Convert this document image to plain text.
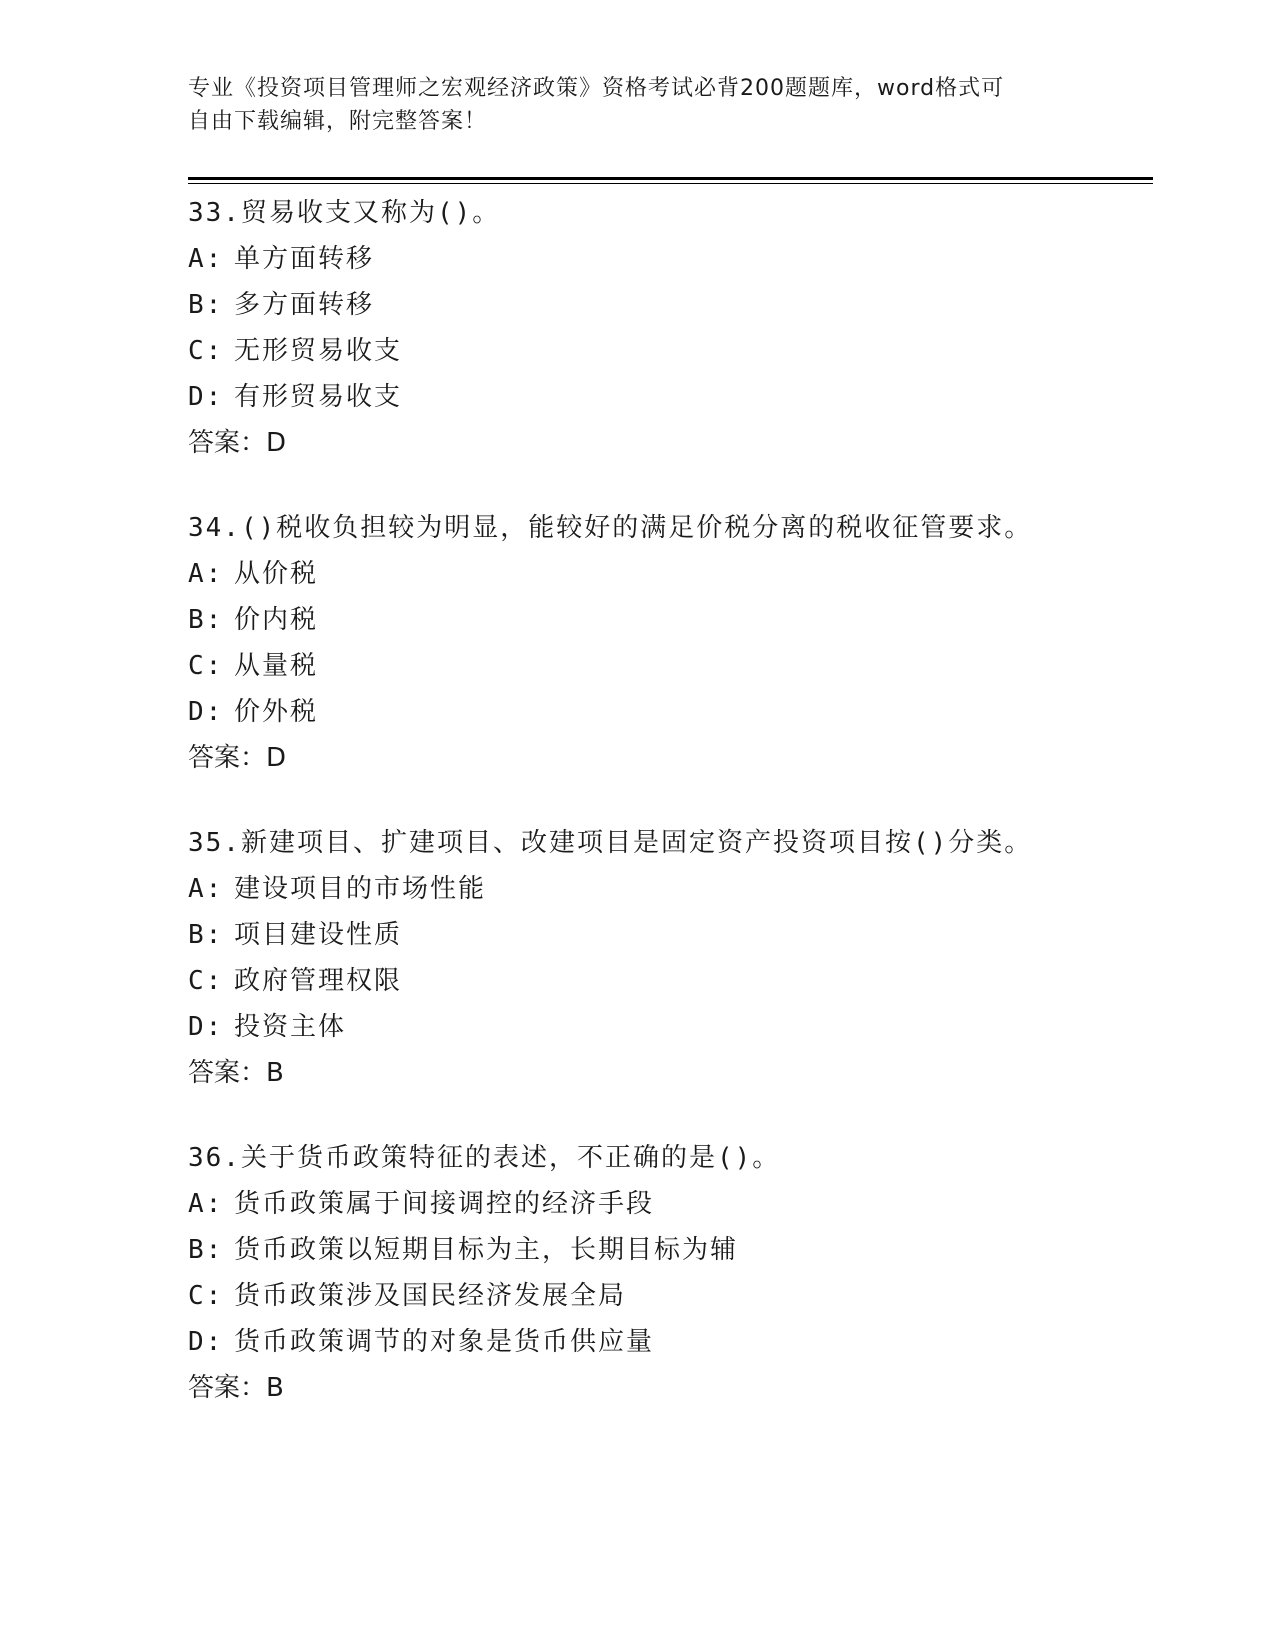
专业《投资项目管理师之宏观经济政策》资格考试必背200题题库，word格式可
自由下载编辑，附完整答案！
33.贸易收支又称为()。
A: 单方面转移
B: 多方面转移
C: 无形贸易收支
D: 有形贸易收支
答案：D
34.()税收负担较为明显，能较好的满足价税分离的税收征管要求。
A: 从价税
B: 价内税
C: 从量税
D: 价外税
答案：D
35.新建项目、扩建项目、改建项目是固定资产投资项目按()分类。
A: 建设项目的市场性能
B: 项目建设性质
C: 政府管理权限
D: 投资主体
答案：B
36.关于货币政策特征的表述，不正确的是()。
A: 货币政策属于间接调控的经济手段
B: 货币政策以短期目标为主，长期目标为辅
C: 货币政策涉及国民经济发展全局
D: 货币政策调节的对象是货币供应量
答案：B
